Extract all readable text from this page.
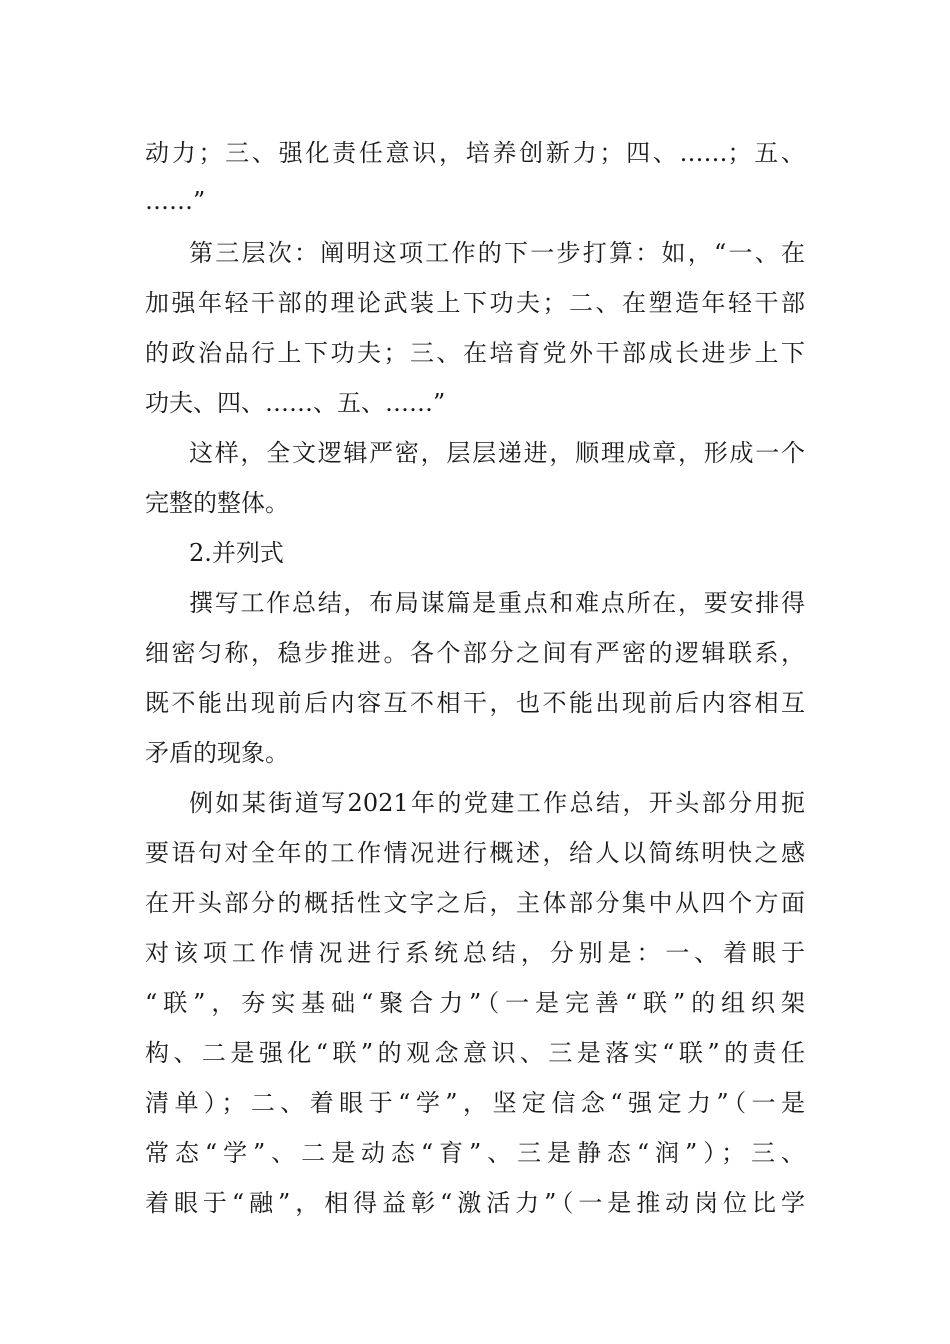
动力；三、强化责任意识，培养创新力；四、……；五、
……”
第三层次：阐明这项工作的下一步打算：如，“一、在
加强年轻干部的理论武装上下功夫；二、在塑造年轻干部
的政治品行上下功夫；三、在培育党外干部成长进步上下
功夫、四、……、五、……”
这样，全文逻辑严密，层层递进，顺理成章，形成一个
完整的整体。
2.并列式
撰写工作总结，布局谋篇是重点和难点所在，要安排得
细密匀称，稳步推进。各个部分之间有严密的逻辑联系，
既不能出现前后内容互不相干，也不能出现前后内容相互
矛盾的现象。
例如某街道写2021年的党建工作总结，开头部分用扼
要语句对全年的工作情况进行概述，给人以简练明快之感
在开头部分的概括性文字之后，主体部分集中从四个方面
对该项工作情况进行系统总结，分别是：一、着眼于
“联”，夯实基础“聚合力”（一是完善“联”的组织架
构、二是强化“联”的观念意识、三是落实“联”的责任
清单）；二、着眼于“学”，坚定信念“强定力”（一是
常态“学”、二是动态“育”、三是静态“润”）；三、
着眼于“融”，相得益彰“激活力”（一是推动岗位比学
